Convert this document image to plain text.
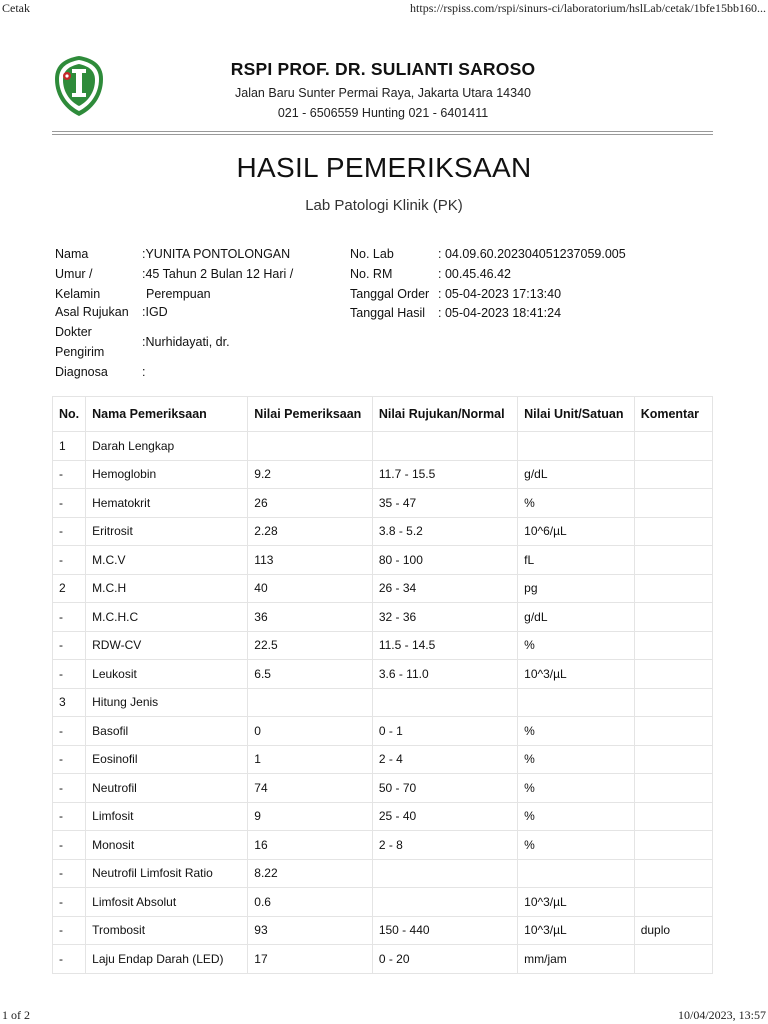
Cetak	https://rspiss.com/rspi/sinurs-ci/laboratorium/hslLab/cetak/1bfe15bb160...
1 of 2	10/04/2023, 13:57
RSPI PROF. DR. SULIANTI SAROSO
Jalan Baru Sunter Permai Raya, Jakarta Utara 14340
021 - 6506559 Hunting 021 - 6401411
HASIL PEMERIKSAAN
Lab Patologi Klinik (PK)
Nama	:YUNITA PONTOLONGAN
Umur /
Kelamin
:45 Tahun 2 Bulan 12 Hari /
Perempuan
Asal Rujukan :IGD
Dokter
Pengirim
:Nurhidayati, dr.
Diagnosa	:
No. Lab	: 04.09.60.202304051237059.005
No. RM	: 00.45.46.42
Tanggal Order : 05-04-2023 17:13:40
Tanggal Hasil : 05-04-2023 18:41:24
No.	Nama Pemeriksaan	Nilai Pemeriksaan	Nilai Rujukan/Normal	Nilai Unit/Satuan	Komentar
1	Darah Lengkap				
-	Hemoglobin	9.2	11.7 - 15.5	g/dL	
-	Hematokrit	26	35 - 47	%	
-	Eritrosit	2.28	3.8 - 5.2	10^6/µL	
-	M.C.V	113	80 - 100	fL	
2	M.C.H	40	26 - 34	pg	
-	M.C.H.C	36	32 - 36	g/dL	
-	RDW-CV	22.5	11.5 - 14.5	%	
-	Leukosit	6.5	3.6 - 11.0	10^3/µL	
3	Hitung Jenis				
-	Basofil	0	0 - 1	%	
-	Eosinofil	1	2 - 4	%	
-	Neutrofil	74	50 - 70	%	
-	Limfosit	9	25 - 40	%	
-	Monosit	16	2 - 8	%	
-	Neutrofil Limfosit Ratio	8.22			
-	Limfosit Absolut	0.6		10^3/µL	
-	Trombosit	93	150 - 440	10^3/µL	duplo
-	Laju Endap Darah (LED)	17	0 - 20	mm/jam	
